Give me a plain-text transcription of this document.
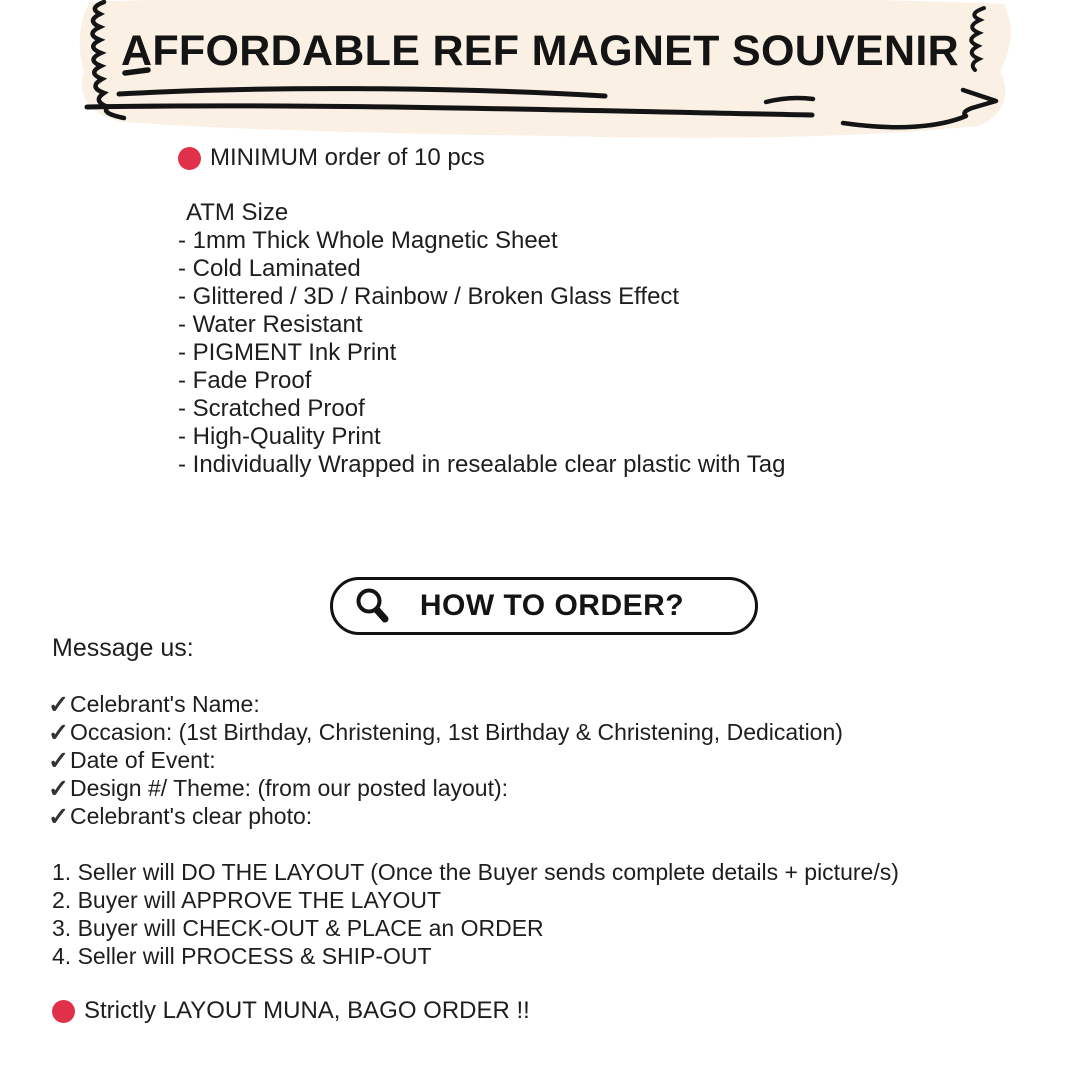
AFFORDABLE REF MAGNET SOUVENIR
MINIMUM order of 10 pcs
ATM Size
- 1mm Thick Whole Magnetic Sheet
- Cold Laminated
- Glittered / 3D / Rainbow / Broken Glass Effect
- Water Resistant
- PIGMENT Ink Print
- Fade Proof
- Scratched Proof
- High-Quality Print
- Individually Wrapped in resealable clear plastic with Tag
HOW TO ORDER?
Message us:
✓ Celebrant's Name:
✓ Occasion: (1st Birthday, Christening, 1st Birthday & Christening, Dedication)
✓ Date of Event:
✓ Design #/ Theme: (from our posted layout):
✓ Celebrant's clear photo:
1. Seller will DO THE LAYOUT (Once the Buyer sends complete details + picture/s)
2. Buyer will APPROVE THE LAYOUT
3. Buyer will CHECK-OUT & PLACE an ORDER
4. Seller will PROCESS & SHIP-OUT
Strictly LAYOUT MUNA, BAGO ORDER !!
